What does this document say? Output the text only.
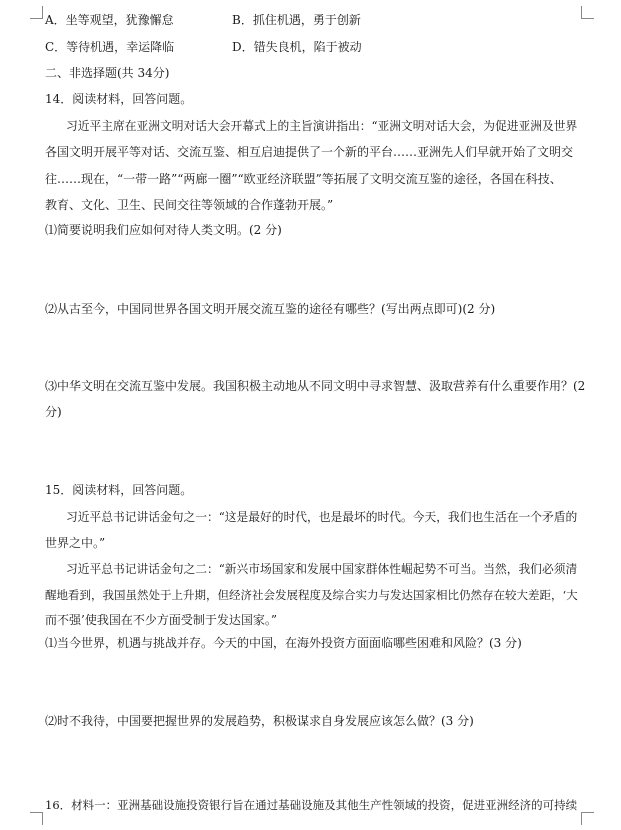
A．坐等观望，犹豫懈怠	B．抓住机遇，勇于创新
C．等待机遇，幸运降临	D．错失良机，陷于被动
二、非选择题(共 34分)
14．阅读材料，回答问题。
习近平主席在亚洲文明对话大会开幕式上的主旨演讲指出：“亚洲文明对话大会，为促进亚洲及世界
各国文明开展平等对话、交流互鉴、相互启迪提供了一个新的平台……亚洲先人们早就开始了文明交
往……现在，“一带一路”“两廊一圈”“欧亚经济联盟”等拓展了文明交流互鉴的途径，各国在科技、
教育、文化、卫生、民间交往等领域的合作蓬勃开展。”
⑴简要说明我们应如何对待人类文明。(2 分)
⑵从古至今，中国同世界各国文明开展交流互鉴的途径有哪些？(写出两点即可)(2 分)
⑶中华文明在交流互鉴中发展。我国积极主动地从不同文明中寻求智慧、汲取营养有什么重要作用？(2
分)
15．阅读材料，回答问题。
习近平总书记讲话金句之一：“这是最好的时代，也是最坏的时代。今天，我们也生活在一个矛盾的
世界之中。”
习近平总书记讲话金句之二：“新兴市场国家和发展中国家群体性崛起势不可当。当然，我们必须清
醒地看到，我国虽然处于上升期，但经济社会发展程度及综合实力与发达国家相比仍然存在较大差距，‘大
而不强’使我国在不少方面受制于发达国家。”
⑴当今世界，机遇与挑战并存。今天的中国，在海外投资方面面临哪些困难和风险？(3 分)
⑵时不我待，中国要把握世界的发展趋势，积极谋求自身发展应该怎么做？(3 分)
16．材料一：亚洲基础设施投资银行旨在通过基础设施及其他生产性领域的投资，促进亚洲经济的可持续
